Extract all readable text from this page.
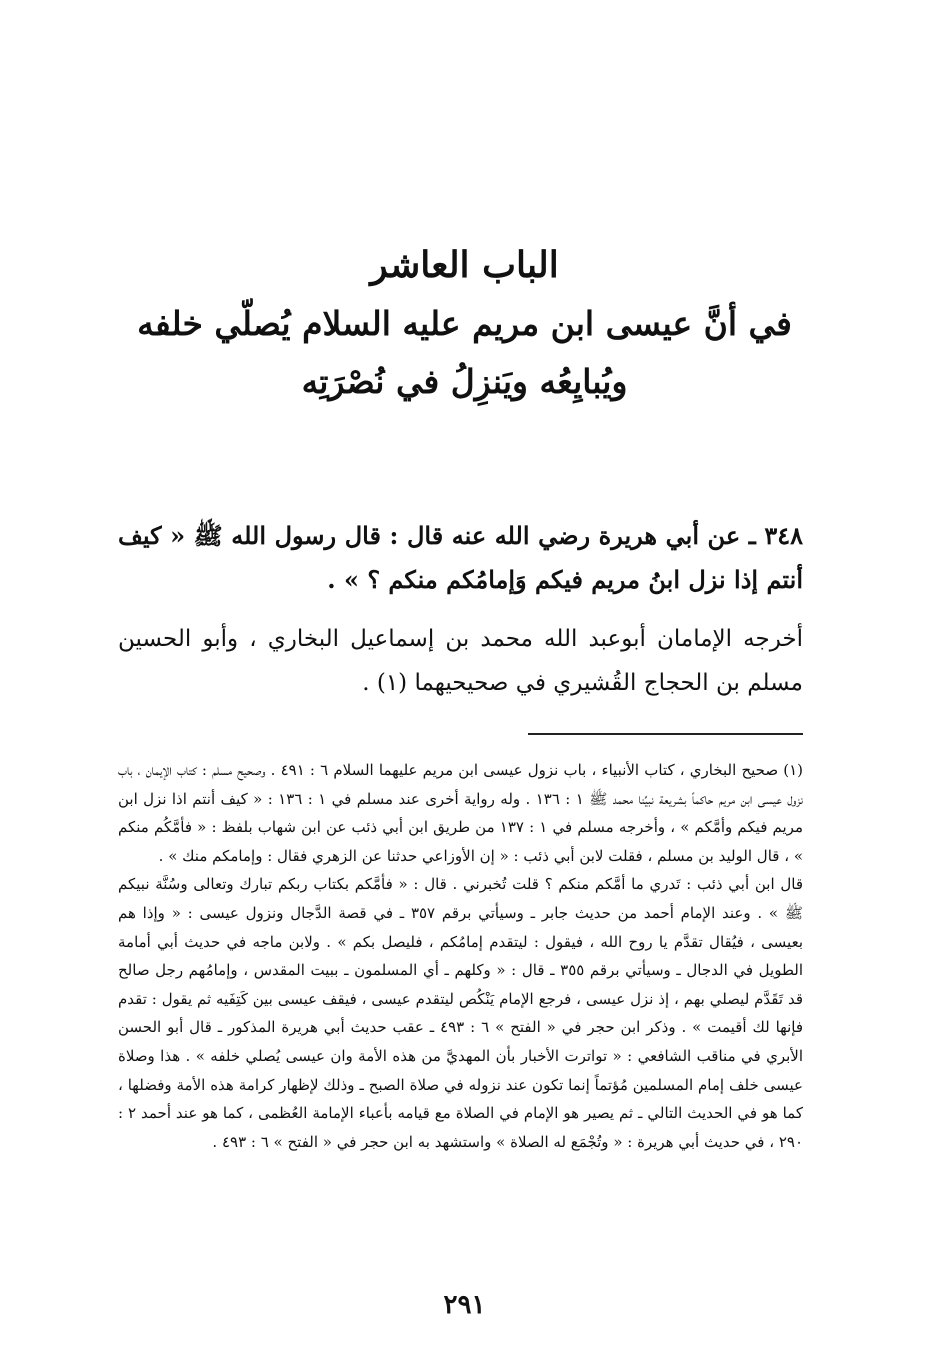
الباب العاشر
في أنَّ عيسى ابن مريم عليه السلام يُصلّي خلفه
ويُبايِعُه ويَنزِلُ في نُصْرَتِه
٣٤٨ ـ عن أبي هريرة رضي الله عنه قال : قال رسول الله ﷺ « كيف أنتم إذا نزل ابنُ مريم فيكم وَإمامُكم منكم ؟ » .
أخرجه الإمامان أبوعبد الله محمد بن إسماعيل البخاري ، وأبو الحسين مسلم بن الحجاج القُشيري في صحيحيهما (١) .

(١) صحيح البخاري ، كتاب الأنبياء ، باب نزول عيسى ابن مريم عليهما السلام ٦ : ٤٩١ . وصحيح مسلم : كتاب الإيمان ، باب نزول عيسى ابن مريم حاكماً بشريعة نبيِّنا محمد ﷺ ١ : ١٣٦ . وله رواية أخرى عند مسلم في ١ : ١٣٦ : « كيف أنتم اذا نزل ابن مريم فيكم وأمَّكم » ، وأخرجه مسلم في ١ : ١٣٧ من طريق ابن أبي ذئب عن ابن شهاب بلفظ : « فأمَّكُم منكم » ، قال الوليد بن مسلم ، فقلت لابن أبي ذئب : « إن الأوزاعي حدثنا عن الزهري فقال : وإمامكم منك » .

قال ابن أبي ذئب : تَدري ما أمَّكم منكم ؟ قلت تُخبرني . قال : « فأمَّكم بكتاب ربكم تبارك وتعالى وسُنَّة نبيكم ﷺ » . وعند الإمام أحمد من حديث جابر ـ وسيأتي برقم ٣٥٧ ـ في قصة الدَّجال ونزول عيسى : « وإذا هم بعيسى ، فيُقال تقدَّم يا روح الله ، فيقول : ليتقدم إمامُكم ، فليصل بكم » . ولابن ماجه في حديث أبي أمامة الطويل في الدجال ـ وسيأتي برقم ٣٥٥ ـ قال : « وكلهم ـ أي المسلمون ـ ببيت المقدس ، وإمامُهم رجل صالح قد تَقَدَّم ليصلي بهم ، إذ نزل عيسى ، فرجع الإمام يَنْكُص ليتقدم عيسى ، فيقف عيسى بين كَتِفَيه ثم يقول : تقدم فإنها لك أقيمت » . وذكر ابن حجر في « الفتح » ٦ : ٤٩٣ ـ عقب حديث أبي هريرة المذكور ـ قال أبو الحسن الأبري في مناقب الشافعي : « تواترت الأخبار بأن المهديَّ من هذه الأمة وان عيسى يُصلي خلفه » . هذا وصلاة عيسى خلف إمام المسلمين مُؤتماً إنما تكون عند نزوله في صلاة الصبح ـ وذلك لإظهار كرامة هذه الأمة وفضلها ، كما هو في الحديث التالي ـ ثم يصير هو الإمام في الصلاة مع قيامه بأعباء الإمامة العُظمى ، كما هو عند أحمد ٢ : ٢٩٠ ، في حديث أبي هريرة : « وتُجْمَع له الصلاة » واستشهد به ابن حجر في « الفتح » ٦ : ٤٩٣ .

٢٩١
